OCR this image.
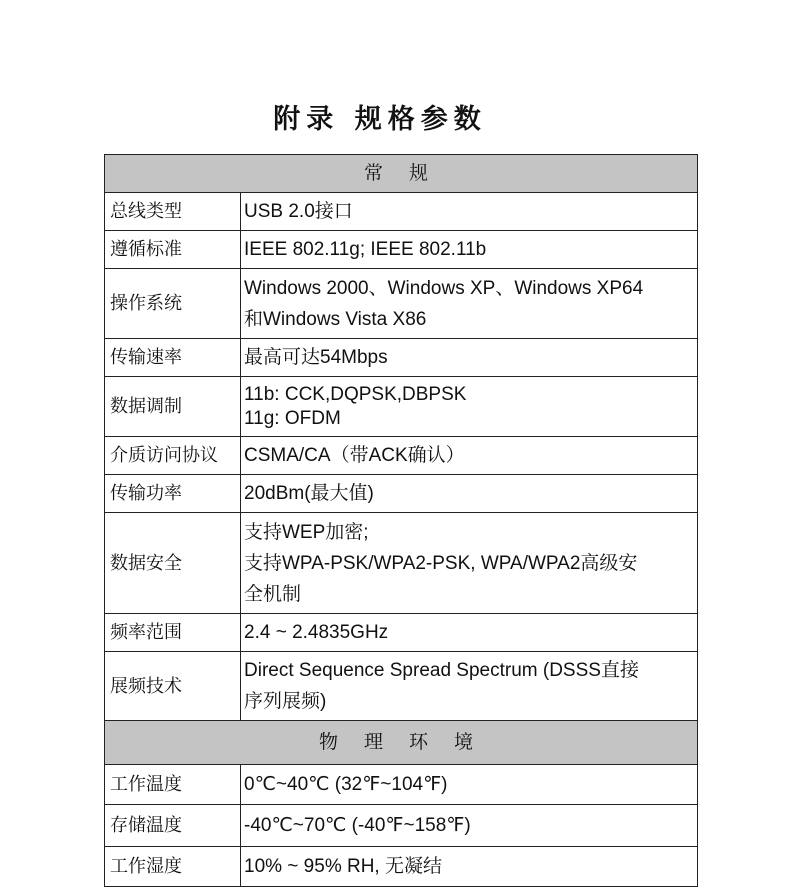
附录 规格参数
常 规	
总线类型	USB 2.0接口

遵循标准	IEEE 802.11g; IEEE 802.11b

操作系统	Windows 2000、Windows XP、Windows XP64
和Windows Vista X86

传输速率	最高可达54Mbps

数据调制	11b: CCK,DQPSK,DBPSK
11g: OFDM

介质访问协议	CSMA/CA（带ACK确认）

传输功率	20dBm(最大值)

数据安全	支持WEP加密;
支持WPA-PSK/WPA2-PSK, WPA/WPA2高级安
全机制

频率范围	2.4 ~ 2.4835GHz

展频技术	Direct Sequence Spread Spectrum (DSSS直接
序列展频)

物 理 环 境	
工作温度	0℃~40℃ (32℉~104℉)

存储温度	-40℃~70℃ (-40℉~158℉)

工作湿度	10% ~ 95% RH, 无凝结
